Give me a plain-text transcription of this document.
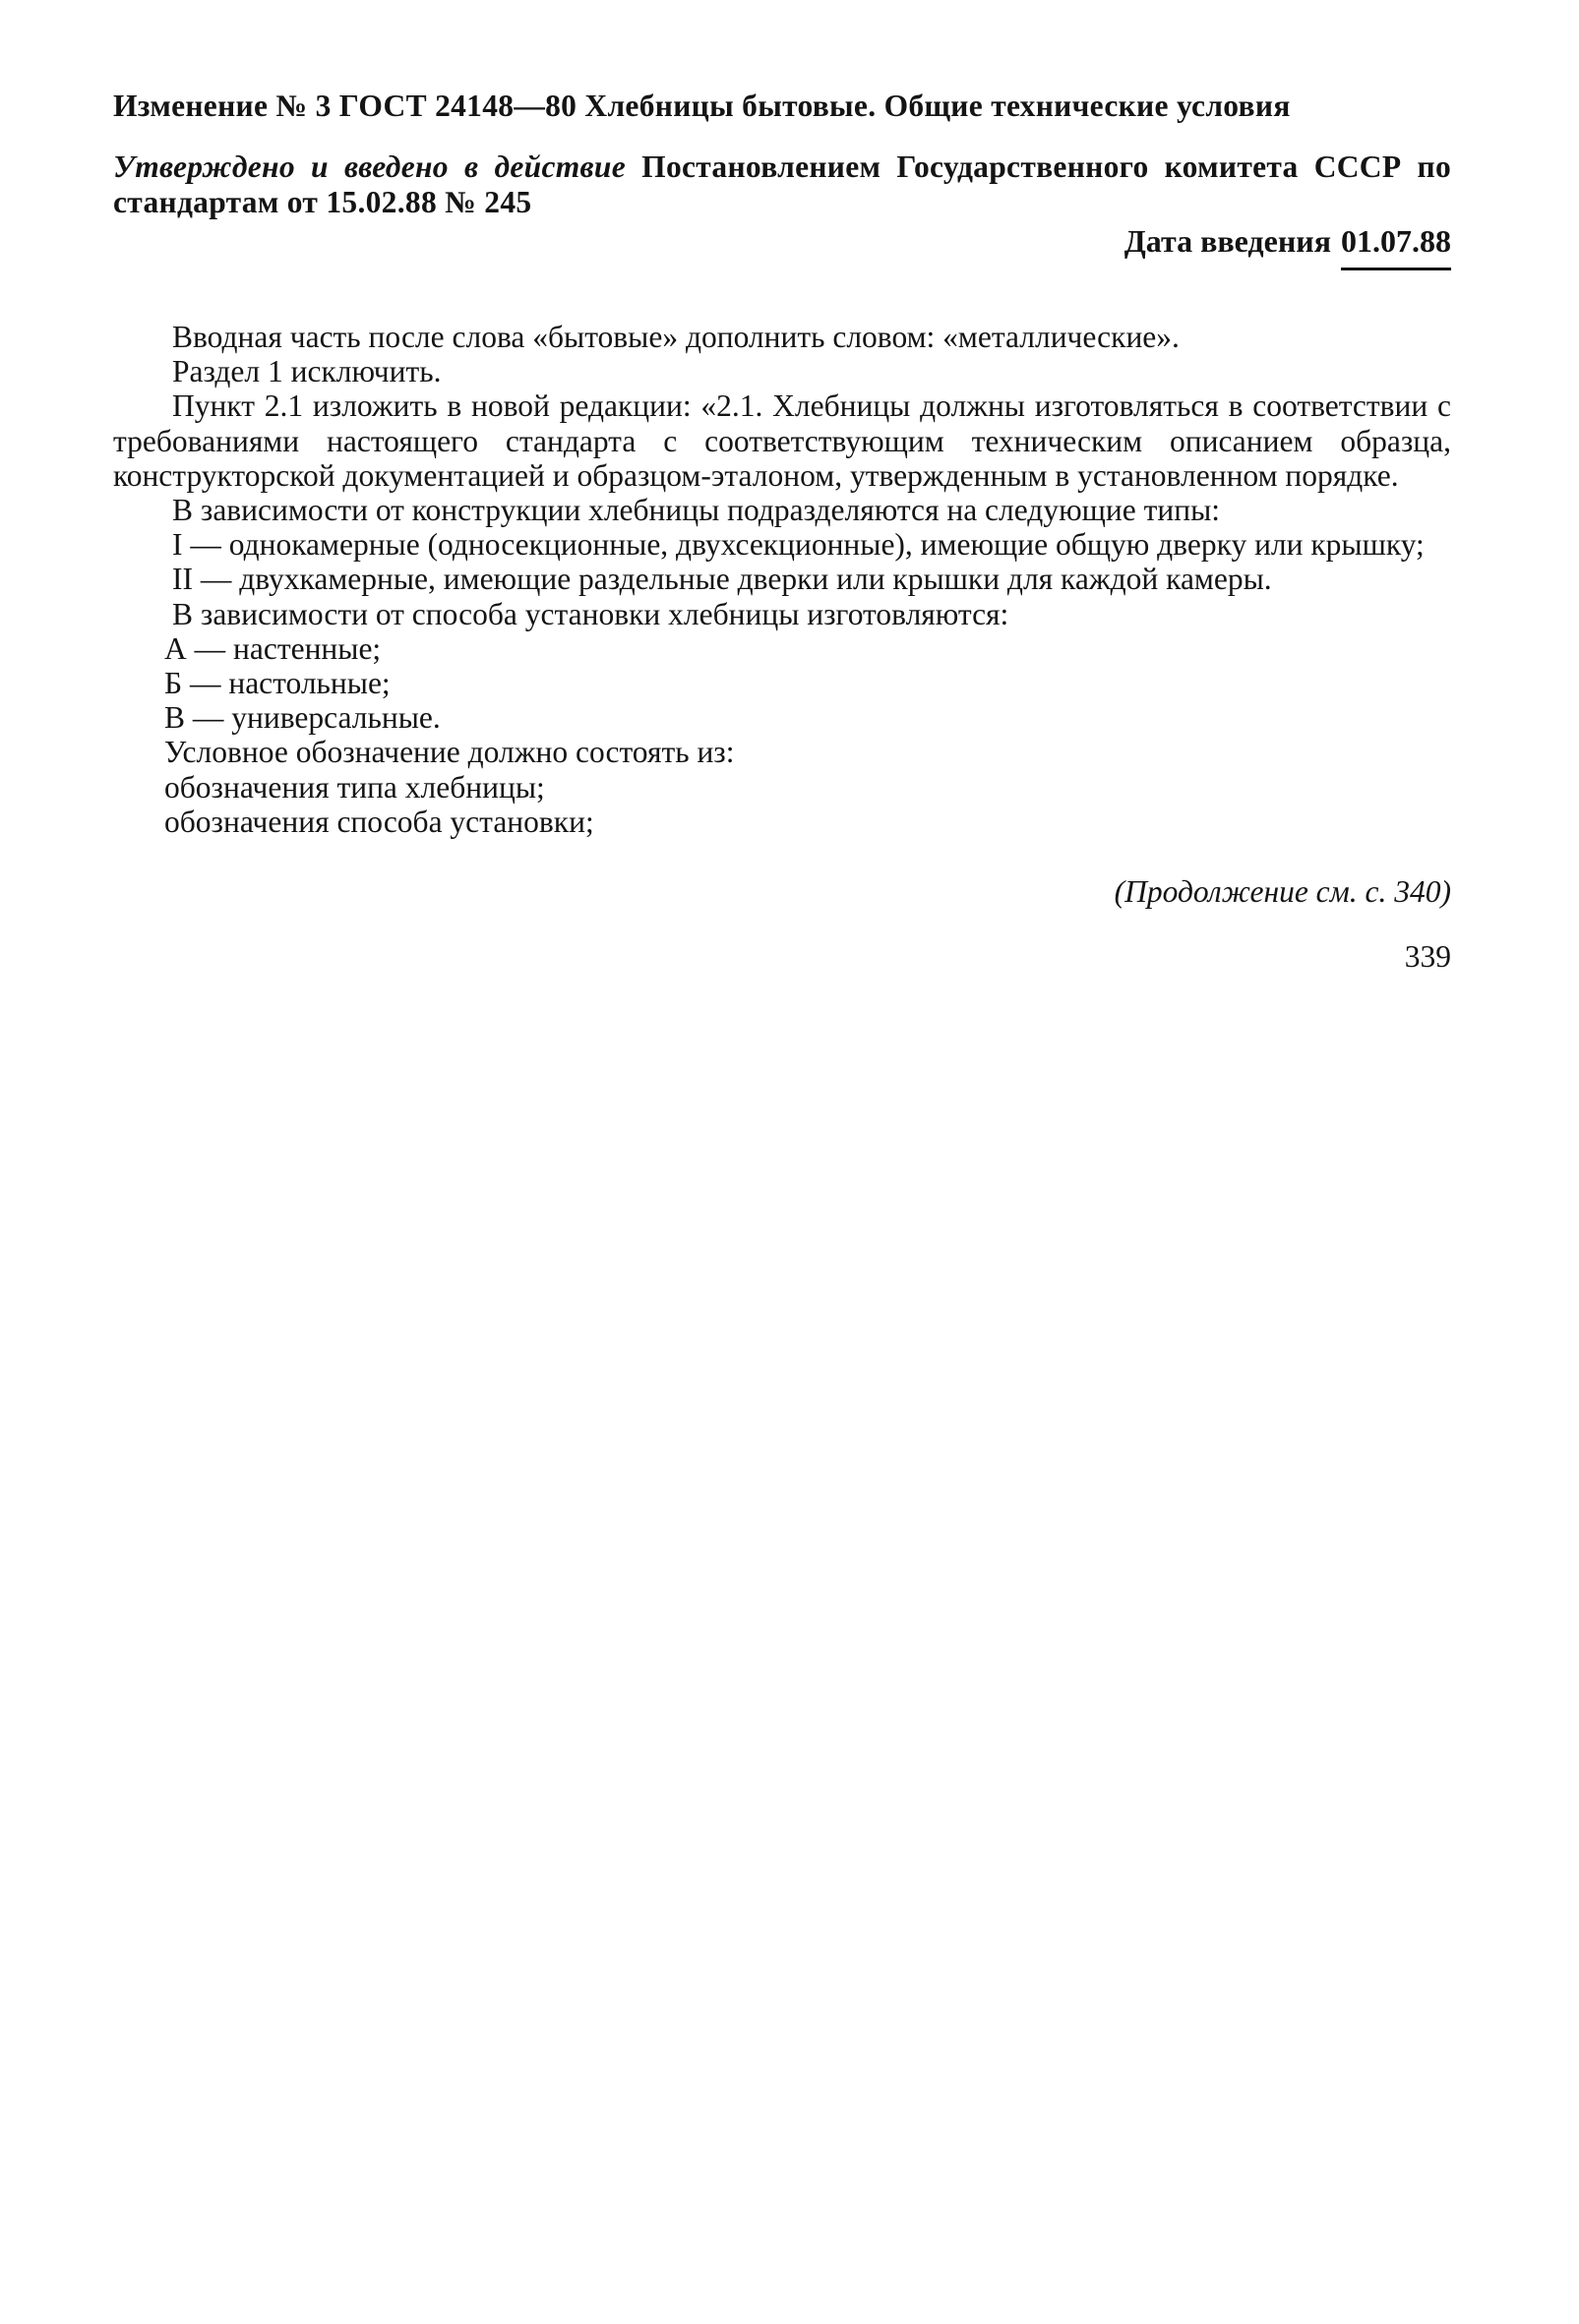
Изменение № 3 ГОСТ 24148—80 Хлебницы бытовые. Общие технические условия
Утверждено и введено в действие Постановлением Государственного комитета СССР по стандартам от 15.02.88 № 245
Дата введения 01.07.88

Вводная часть после слова «бытовые» дополнить словом: «металлические».

Раздел 1 исключить.

Пункт 2.1 изложить в новой редакции: «2.1. Хлебницы должны изготовляться в соответствии с требованиями настоящего стандарта с соответствующим техническим описанием образца, конструкторской документацией и образцом-эталоном, утвержденным в установленном порядке.

В зависимости от конструкции хлебницы подразделяются на следующие типы:

I — однокамерные (односекционные, двухсекционные), имеющие общую дверку или крышку;

II — двухкамерные, имеющие раздельные дверки или крышки для каждой камеры.

В зависимости от способа установки хлебницы изготовляются:

А — настенные;

Б — настольные;

В — универсальные.

Условное обозначение должно состоять из:

обозначения типа хлебницы;

обозначения способа установки;

(Продолжение см. с. 340)
339
